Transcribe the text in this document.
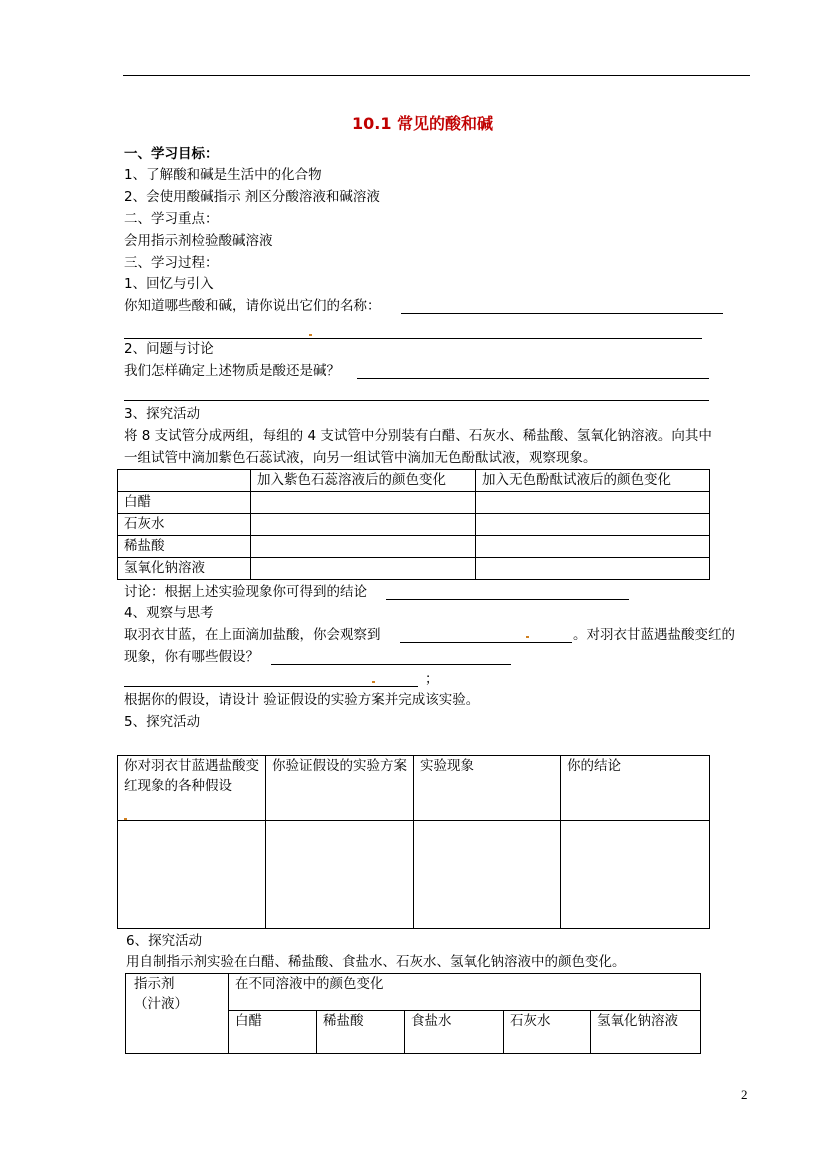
10.1 常见的酸和碱
一、学习目标：
1、了解酸和碱是生活中的化合物
2、会使用酸碱指示 剂区分酸溶液和碱溶液
二、学习重点：
会用指示剂检验酸碱溶液
三、学习过程：
1、回忆与引入
你知道哪些酸和碱，请你说出它们的名称：
2、问题与讨论
我们怎样确定上述物质是酸还是碱？
3、探究活动
将 8 支试管分成两组，每组的 4 支试管中分别装有白醋、石灰水、稀盐酸、氢氧化钠溶液。向其中
一组试管中滴加紫色石蕊试液，向另一组试管中滴加无色酚酞试液，观察现象。
	加入紫色石蕊溶液后的颜色变化	加入无色酚酞试液后的颜色变化
白醋		
石灰水		
稀盐酸		
氢氧化钠溶液		
讨论：根据上述实验现象你可得到的结论
4、观察与思考
取羽衣甘蓝，在上面滴加盐酸，你会观察到	。对羽衣甘蓝遇盐酸变红的
现象，你有哪些假设？
；
根据你的假设，请设计 验证假设的实验方案并完成该实验。
5、探究活动
你对羽衣甘蓝遇盐酸变红现象的各种假设	你验证假设的实验方案	实验现象	你的结论

6、探究活动
用自制指示剂实验在白醋、稀盐酸、食盐水、石灰水、氢氧化钠溶液中的颜色变化。
指示剂
（汁液）	在不同溶液中的颜色变化				
	白醋	稀盐酸	食盐水	石灰水	氢氧化钠溶液
2
